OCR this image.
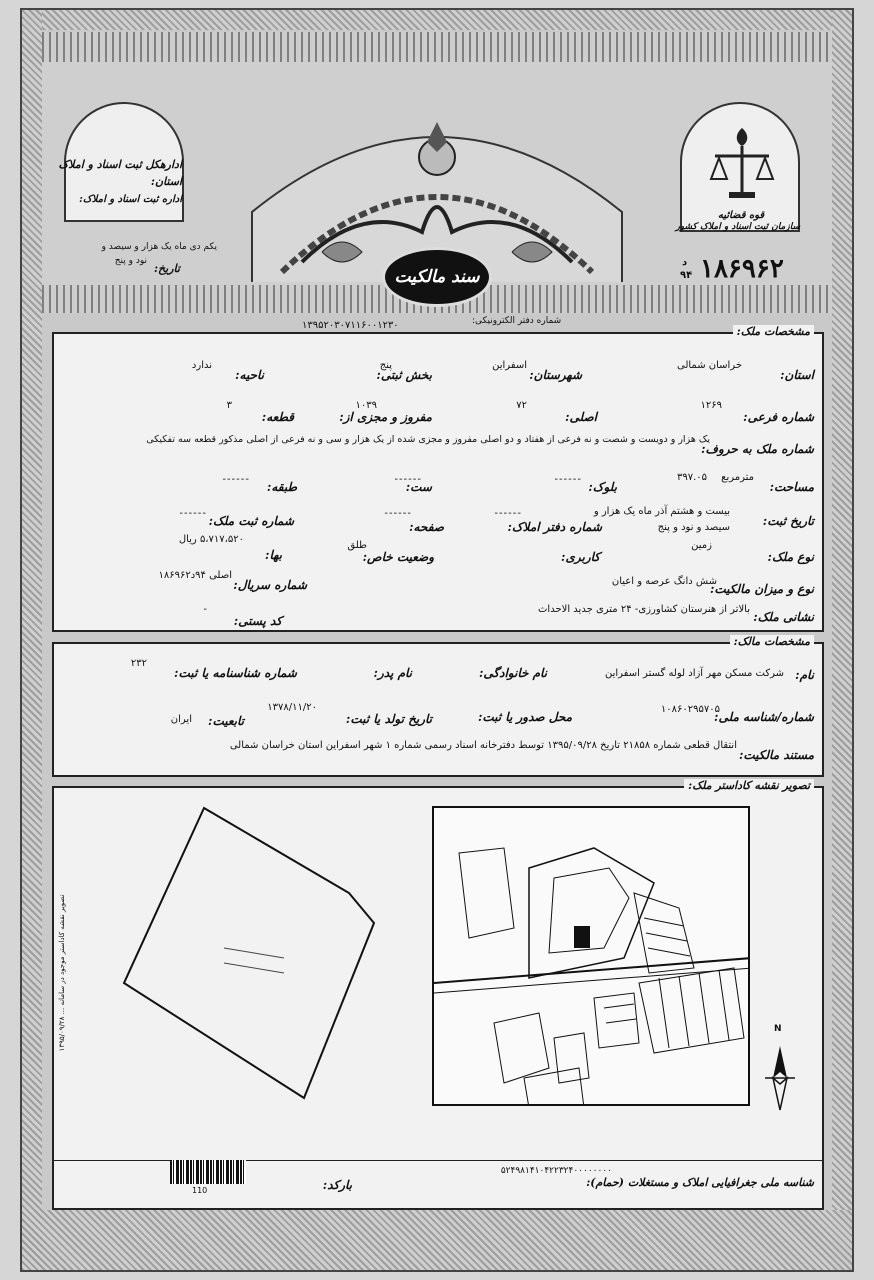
ادارهکل ثبت اسناد و املاک
استان:
اداره ثبت اسناد و املاک:
تاریخ:
یکم دی ماه یک هزار و سیصد و
نود و پنج
سند مالکیت
قوه قضائیه
سازمان ثبت اسناد و املاک کشور
د
۹۴ ۱۸۶۹۶۲
شماره دفتر الکترونیکی:
۱۳۹۵۲۰۳۰۷۱۱۶۰۰۱۲۳۰	مشخصات ملک:
استان:
خراسان شمالی
شهرستان:
اسفراین
بخش ثبتی:
پنج
ناحیه:
ندارد
شماره فرعی:
۱۲۶۹
اصلی:
۷۲
مفروز و مجزی از:
۱۰۳۹
قطعه:
۳
شماره ملک به حروف:
یک هزار و دویست و شصت و نه فرعی از هفتاد و دو اصلی مفروز و مجزی شده از یک هزار و سی و نه فرعی از اصلی مذکور قطعه سه تفکیکی
مساحت:
مترمربع
۳۹۷.۰۵
بلوک:
------
ست:
------
طبقه:
------
تاریخ ثبت:
بیست و هشتم آذر ماه یک هزار و
سیصد و نود و پنج
شماره دفتر املاک:
------
صفحه:
------
شماره ثبت ملک:
------
نوع ملک:
زمین
کاربری:
وضعیت خاص:
طلق
بها:
۵،۷۱۷،۵۲۰ ریال
نوع و میزان مالکیت:
شش دانگ عرصه و اعیان
شماره سریال:
اصلی ۹۴د۱۸۶۹۶۲
نشانی ملک:
بالاتر از هنرستان کشاورزی- ۲۴ متری جدید الاحداث
کد پستی:
-
مشخصات مالک:
نام:
شرکت مسکن مهر آزاد لوله گستر اسفراین
نام خانوادگی:
نام پدر:
شماره شناسنامه یا ثبت:
۲۳۲
شماره/شناسه ملی:
۱۰۸۶۰۲۹۵۷۰۵
محل صدور یا ثبت:
تاریخ تولد یا ثبت:
۱۳۷۸/۱۱/۲۰
تابعیت:
ایران
مستند مالکیت:
انتقال قطعی شماره ۲۱۸۵۸ تاریخ ۱۳۹۵/۰۹/۲۸ توسط دفترخانه اسناد رسمی شماره ۱ شهر اسفراین استان خراسان شمالی
تصویر نقشه کاداستر ملک:
N
تصویر نقشه کاداستر موجود در سامانه ... ۱۳۹۵/۰۹/۲۸
شناسه ملی جغرافیایی املاک و مستغلات (حمام):
۵۲۴۹۸۱۴۱۰۴۲۲۳۲۴۰۰۰۰۰۰۰۰
بارکد:
110
